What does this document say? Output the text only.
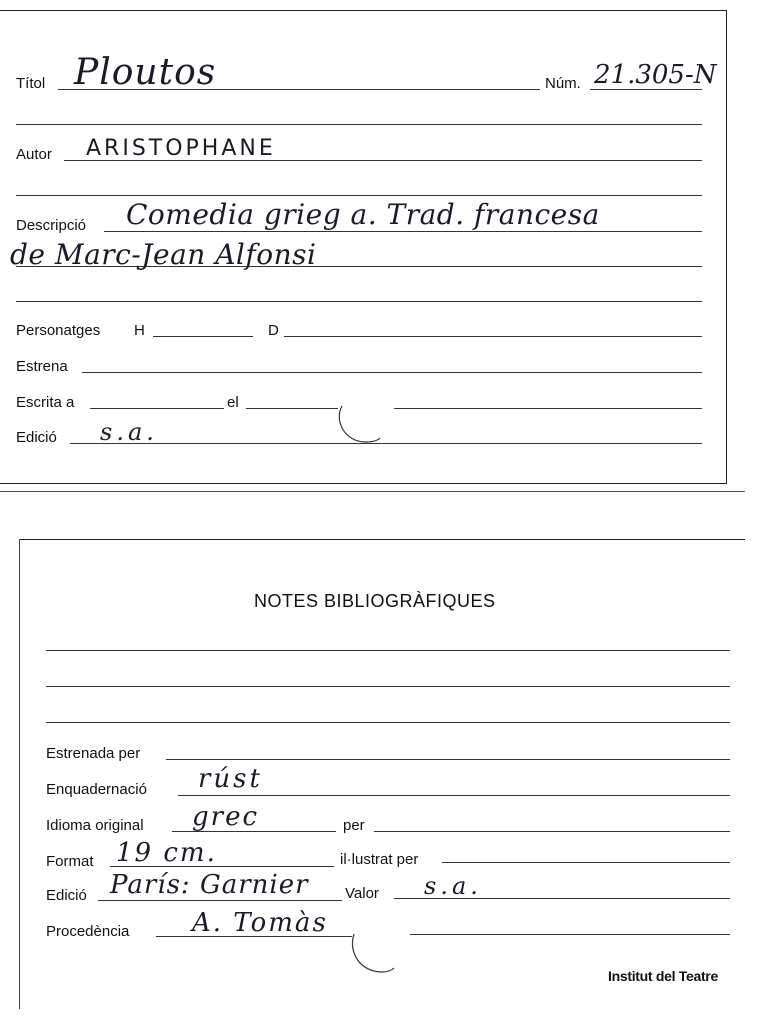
Títol Ploutos	Núm. 21.305-N
Autor ARISTOPHANE
Descripció Comedia grieg a. Trad. francesa
de Marc-Jean Alfonsi
Personatges H	D
Estrena
Escrita a	el
Edició s.a.
NOTES BIBLIOGRÀFIQUES
Estrenada per
Enquadernació rúst
Idioma original grec	per
Format 19 cm.	il·lustrat per
Edició París: Garnier Valor s.a.
Procedència A. Tomàs
Institut del Teatre
